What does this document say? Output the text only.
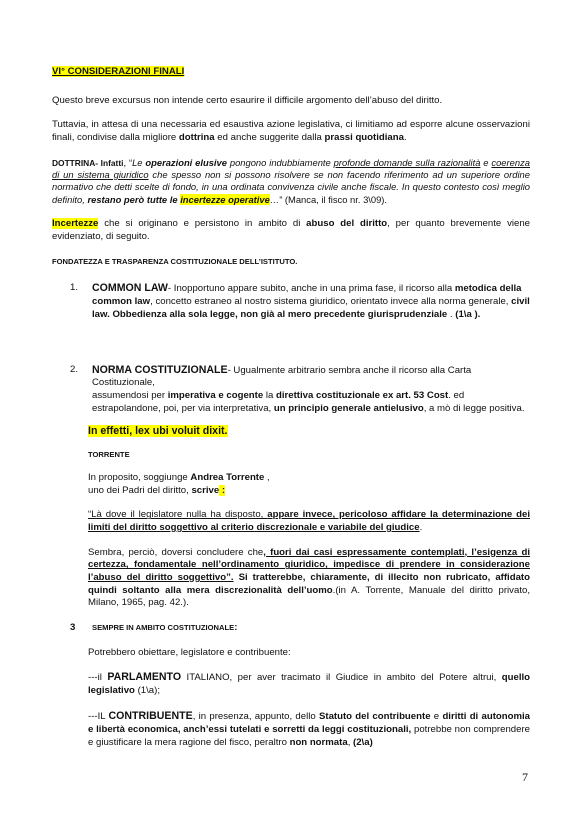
VI° CONSIDERAZIONI FINALI

Questo breve excursus non intende certo esaurire il difficile argomento dell’abuso del diritto.

Tuttavia, in attesa di una necessaria ed esaustiva azione legislativa, ci limitiamo ad esporre alcune osservazioni finali, condivise dalla migliore dottrina ed anche suggerite dalla prassi quotidiana.

DOTTRINA- Infatti, “Le operazioni elusive pongono indubbiamente profonde domande sulla razionalità e coerenza di un sistema giuridico che spesso non si possono risolvere se non facendo riferimento ad un superiore ordine normativo che detti scelte di fondo, in una ordinata convivenza civile anche fiscale. In questo contesto così meglio definito, restano però tutte le incertezze operative…” (Manca, il fisco nr. 3\09).

Incertezze che si originano e persistono in ambito di abuso del diritto, per quanto brevemente viene evidenziato, di seguito.

FONDATEZZA E TRASPARENZA COSTITUZIONALE DELL’ISTITUTO.

1.	COMMON LAW- Inopportuno appare subito, anche in una prima fase, il ricorso alla metodica della common law, concetto estraneo al nostro sistema giuridico, orientato invece alla norma generale, civil law. Obbedienza alla sola legge, non già al mero precedente giurisprudenziale . (1\a ).
2.	NORMA COSTITUZIONALE- Ugualmente arbitrario sembra anche il ricorso alla Carta Costituzionale,
assumendosi per imperativa e cogente la direttiva costituzionale ex art. 53 Cost. ed estrapolandone, poi, per via interpretativa, un principio generale antielusivo, a mò di legge positiva.

In effetti, lex ubi voluit dixit.

TORRENTE

In proposito, soggiunge Andrea Torrente ,
uno dei Padri del diritto, scrive :

“Là dove il legislatore nulla ha disposto, appare invece, pericoloso affidare la determinazione dei limiti del diritto soggettivo al criterio discrezionale e variabile del giudice.

Sembra, perciò, doversi concludere che, fuori dai casi espressamente contemplati, l’esigenza di certezza, fondamentale nell’ordinamento giuridico, impedisce di prendere in considerazione l’abuso del diritto soggettivo”. Si tratterebbe, chiaramente, di illecito non rubricato, affidato quindi soltanto alla mera discrezionalità dell’uomo.(in A. Torrente, Manuale del diritto privato, Milano, 1965, pag. 42.).

3	SEMPRE IN AMBITO COSTITUZIONALE:

Potrebbero obiettare, legislatore e contribuente:

---il PARLAMENTO ITALIANO, per aver tracimato il Giudice in ambito del Potere altrui, quello legislativo (1\a);

---IL CONTRIBUENTE, in presenza, appunto, dello Statuto del contribuente e diritti di autonomia e libertà economica, anch’essi tutelati e sorretti da leggi costituzionali, potrebbe non comprendere e giustificare la mera ragione del fisco, peraltro non normata, (2\a)

7
